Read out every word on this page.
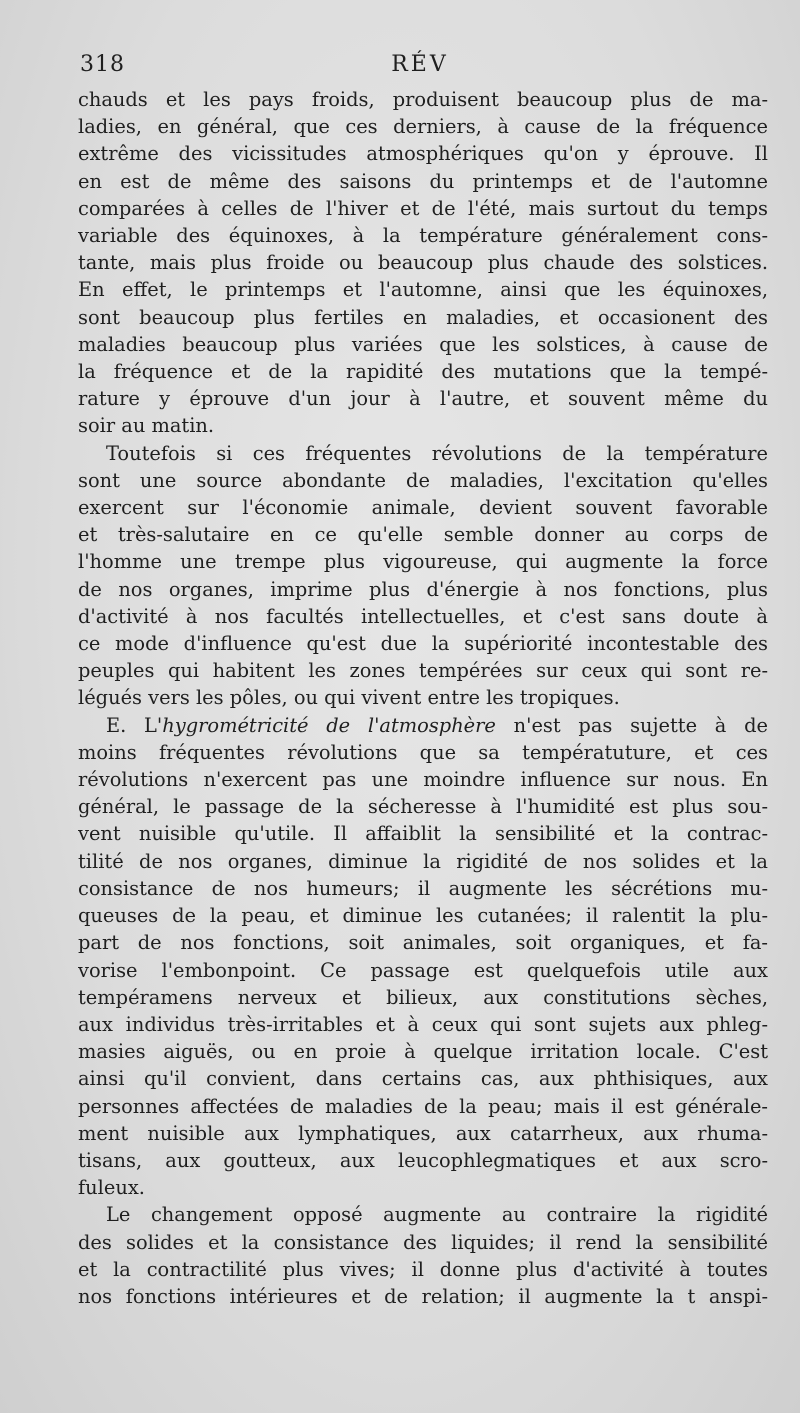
318	RÉV
chauds et les pays froids, produisent beaucoup plus de ma-
ladies, en général, que ces derniers, à cause de la fréquence
extrême des vicissitudes atmosphériques qu'on y éprouve. Il
en est de même des saisons du printemps et de l'automne
comparées à celles de l'hiver et de l'été, mais surtout du temps
variable des équinoxes, à la température généralement cons-
tante, mais plus froide ou beaucoup plus chaude des solstices.
En effet, le printemps et l'automne, ainsi que les équinoxes,
sont beaucoup plus fertiles en maladies, et occasionent des
maladies beaucoup plus variées que les solstices, à cause de
la fréquence et de la rapidité des mutations que la tempé-
rature y éprouve d'un jour à l'autre, et souvent même du
soir au matin.
Toutefois si ces fréquentes révolutions de la température
sont une source abondante de maladies, l'excitation qu'elles
exercent sur l'économie animale, devient souvent favorable
et très-salutaire en ce qu'elle semble donner au corps de
l'homme une trempe plus vigoureuse, qui augmente la force
de nos organes, imprime plus d'énergie à nos fonctions, plus
d'activité à nos facultés intellectuelles, et c'est sans doute à
ce mode d'influence qu'est due la supériorité incontestable des
peuples qui habitent les zones tempérées sur ceux qui sont re-
légués vers les pôles, ou qui vivent entre les tropiques.
E. L'hygrométricité de l'atmosphère n'est pas sujette à de
moins fréquentes révolutions que sa températuture, et ces
révolutions n'exercent pas une moindre influence sur nous. En
général, le passage de la sécheresse à l'humidité est plus sou-
vent nuisible qu'utile. Il affaiblit la sensibilité et la contrac-
tilité de nos organes, diminue la rigidité de nos solides et la
consistance de nos humeurs; il augmente les sécrétions mu-
queuses de la peau, et diminue les cutanées; il ralentit la plu-
part de nos fonctions, soit animales, soit organiques, et fa-
vorise l'embonpoint. Ce passage est quelquefois utile aux
tempéramens nerveux et bilieux, aux constitutions sèches,
aux individus très-irritables et à ceux qui sont sujets aux phleg-
masies aiguës, ou en proie à quelque irritation locale. C'est
ainsi qu'il convient, dans certains cas, aux phthisiques, aux
personnes affectées de maladies de la peau; mais il est générale-
ment nuisible aux lymphatiques, aux catarrheux, aux rhuma-
tisans, aux goutteux, aux leucophlegmatiques et aux scro-
fuleux.
Le changement opposé augmente au contraire la rigidité
des solides et la consistance des liquides; il rend la sensibilité
et la contractilité plus vives; il donne plus d'activité à toutes
nos fonctions intérieures et de relation; il augmente la t anspi-
